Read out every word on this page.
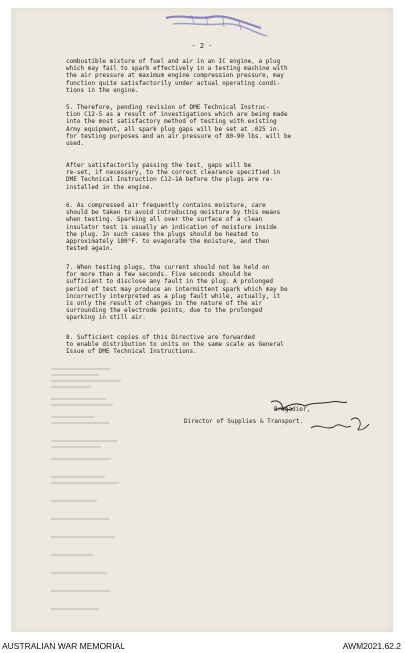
- 2 -
combustible mixture of fuel and air in an IC engine, a plug
which may fail to spark effectively in a testing machine with
the air pressure at maximum engine compression pressure, may
function quite satisfactorily under actual operating condi-
tions in the engine.
5. Therefore, pending revision of DME Technical Instruc-
tion C12-5 as a result of investigations which are being made
into the most satisfactory method of testing with existing
Army equipment, all spark plug gaps will be set at .025 in.
for testing purposes and an air pressure of 80-90 lbs. will be
used.
After satisfactorily passing the test, gaps will be
re-set, if necessary, to the correct clearance specified in
DME Technical Instruction C12-1A before the plugs are re-
installed in the engine.
6. As compressed air frequently contains moisture, care
should be taken to avoid introducing moisture by this means
when testing. Sparking all over the surface of a clean
insulator test is usually an indication of moisture inside
the plug. In such cases the plugs should be heated to
approximately 180°F. to evaporate the moisture, and then
tested again.
7. When testing plugs, the current should not be held on
for more than a few seconds. Five seconds should be
sufficient to disclose any fault in the plug. A prolonged
period of test may produce an intermittent spark which may be
incorrectly interpreted as a plug fault while, actually, it
is only the result of changes in the nature of the air
surrounding the electrode points, due to the prolonged
sparking in still air.
8. Sufficient copies of this Directive are forwarded
to enable distribution to units on the same scale as General
Issue of DME Technical Instructions.
Brigadier,
Director of Supplies & Transport.
AUSTRALIAN WAR MEMORIAL	AWM2021.62.2
